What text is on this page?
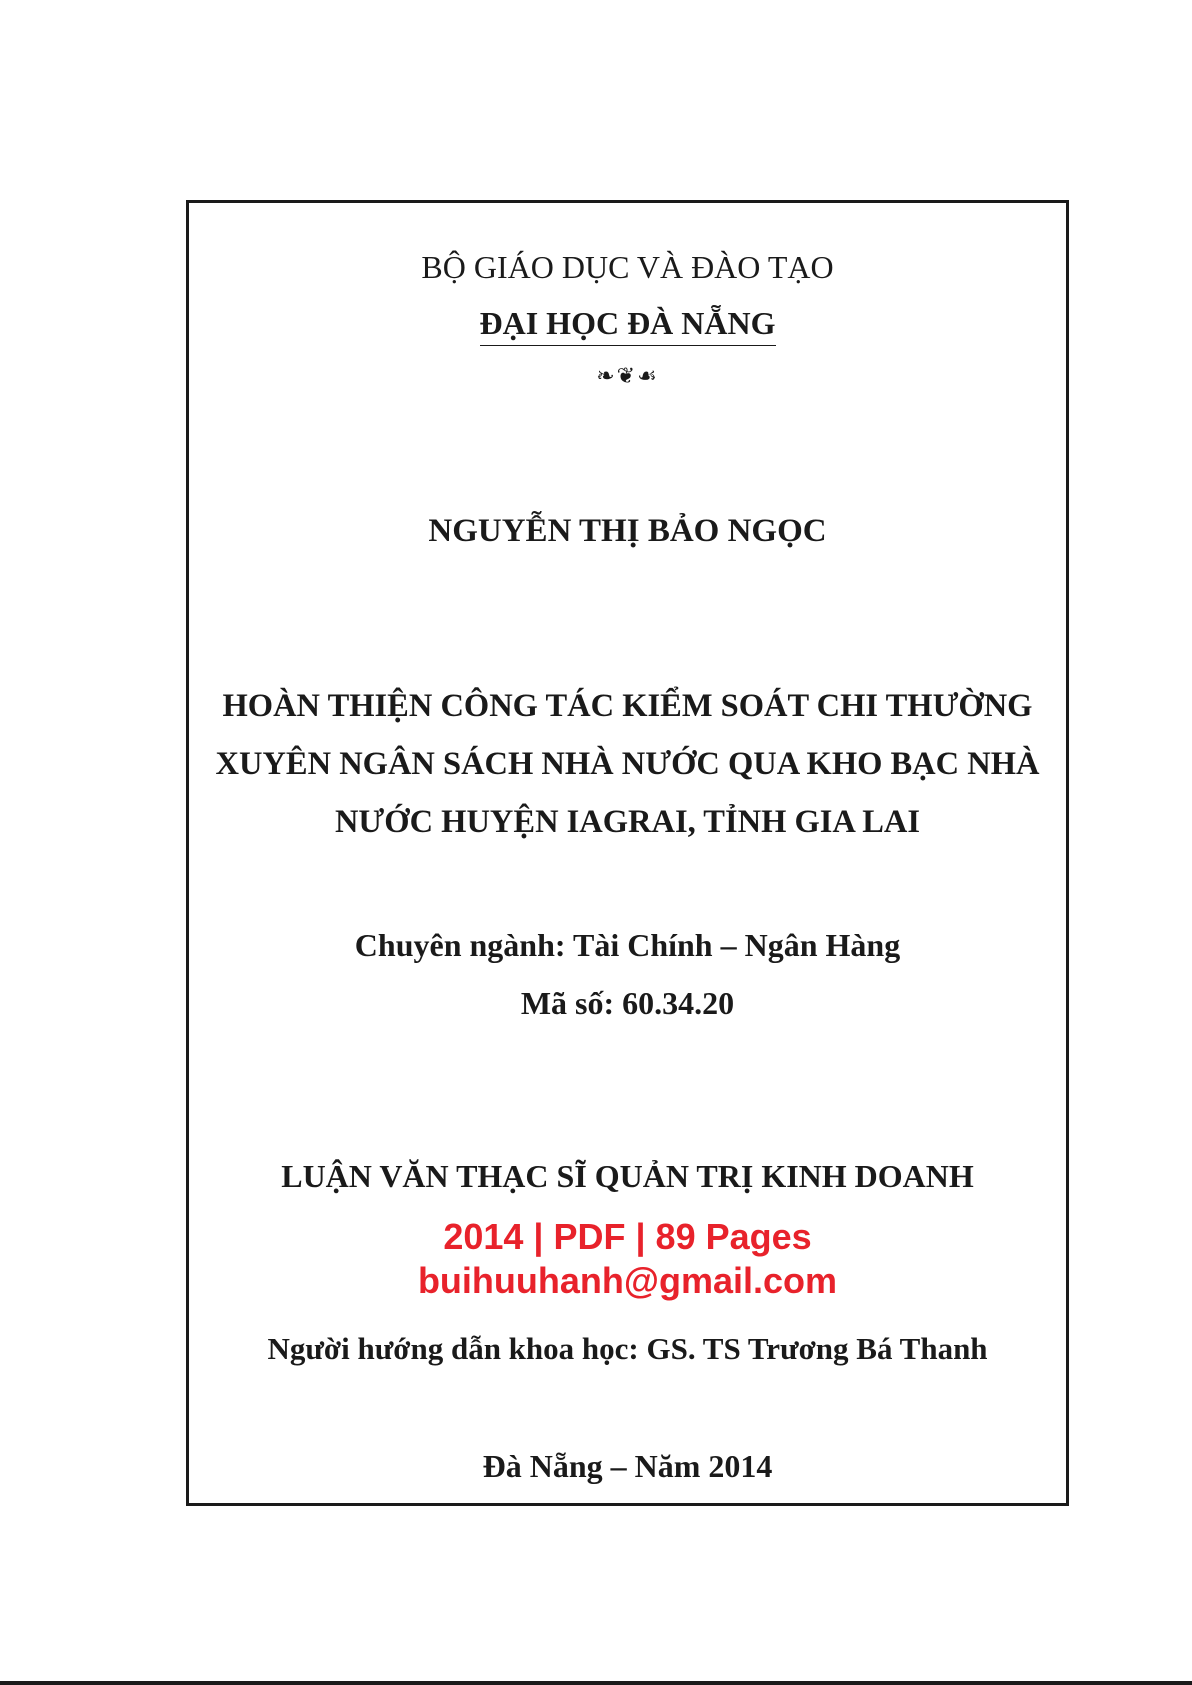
BỘ GIÁO DỤC VÀ ĐÀO TẠO
ĐẠI HỌC ĐÀ NẴNG
❧❦☙
NGUYỄN THỊ BẢO NGỌC
HOÀN THIỆN CÔNG TÁC KIỂM SOÁT CHI THƯỜNG
XUYÊN NGÂN SÁCH NHÀ NƯỚC QUA KHO BẠC NHÀ
NƯỚC HUYỆN IAGRAI, TỈNH GIA LAI
Chuyên ngành: Tài Chính – Ngân Hàng
Mã số: 60.34.20
LUẬN VĂN THẠC SĨ QUẢN TRỊ KINH DOANH
2014 | PDF | 89 Pages
buihuuhanh@gmail.com
Người hướng dẫn khoa học: GS. TS Trương Bá Thanh
Đà Nẵng – Năm 2014
